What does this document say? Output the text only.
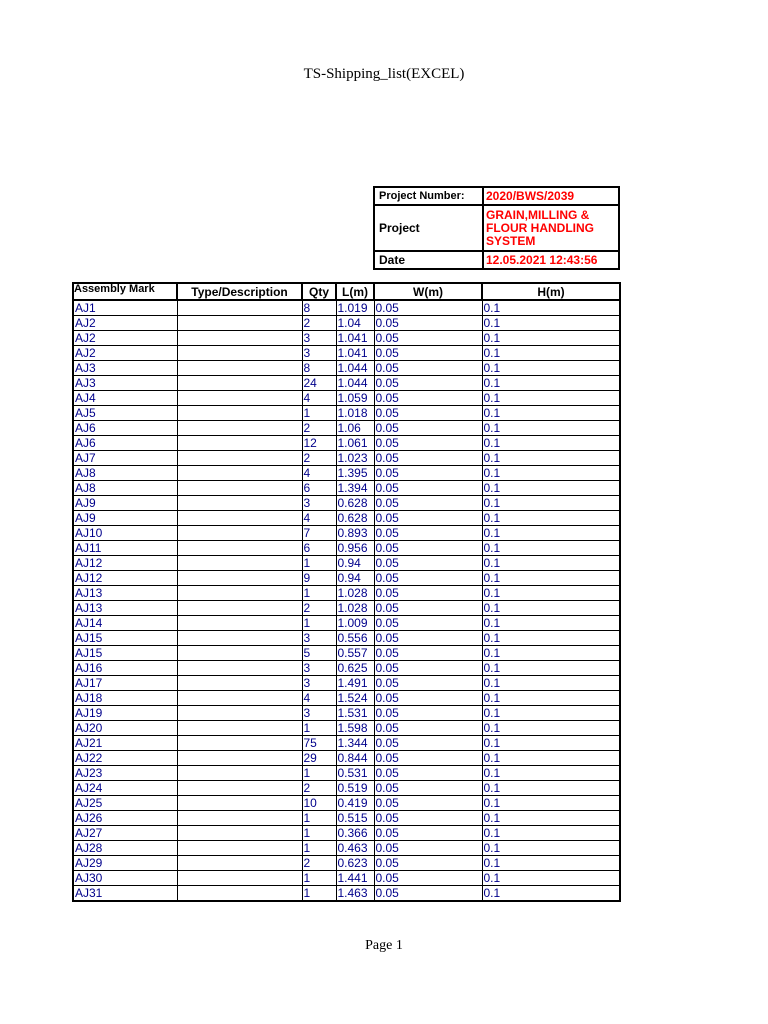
TS-Shipping_list(EXCEL)
Project Number:	2020/BWS/2039
Project	GRAIN,MILLING & FLOUR HANDLING SYSTEM
Date	12.05.2021 12:43:56
Assembly Mark	Type/Description	Qty	L(m)	W(m)	H(m)
AJ1		8	1.019	0.05	0.1
AJ2		2	1.04	0.05	0.1
AJ2		3	1.041	0.05	0.1
AJ2		3	1.041	0.05	0.1
AJ3		8	1.044	0.05	0.1
AJ3		24	1.044	0.05	0.1
AJ4		4	1.059	0.05	0.1
AJ5		1	1.018	0.05	0.1
AJ6		2	1.06	0.05	0.1
AJ6		12	1.061	0.05	0.1
AJ7		2	1.023	0.05	0.1
AJ8		4	1.395	0.05	0.1
AJ8		6	1.394	0.05	0.1
AJ9		3	0.628	0.05	0.1
AJ9		4	0.628	0.05	0.1
AJ10		7	0.893	0.05	0.1
AJ11		6	0.956	0.05	0.1
AJ12		1	0.94	0.05	0.1
AJ12		9	0.94	0.05	0.1
AJ13		1	1.028	0.05	0.1
AJ13		2	1.028	0.05	0.1
AJ14		1	1.009	0.05	0.1
AJ15		3	0.556	0.05	0.1
AJ15		5	0.557	0.05	0.1
AJ16		3	0.625	0.05	0.1
AJ17		3	1.491	0.05	0.1
AJ18		4	1.524	0.05	0.1
AJ19		3	1.531	0.05	0.1
AJ20		1	1.598	0.05	0.1
AJ21		75	1.344	0.05	0.1
AJ22		29	0.844	0.05	0.1
AJ23		1	0.531	0.05	0.1
AJ24		2	0.519	0.05	0.1
AJ25		10	0.419	0.05	0.1
AJ26		1	0.515	0.05	0.1
AJ27		1	0.366	0.05	0.1
AJ28		1	0.463	0.05	0.1
AJ29		2	0.623	0.05	0.1
AJ30		1	1.441	0.05	0.1
AJ31		1	1.463	0.05	0.1
Page 1
